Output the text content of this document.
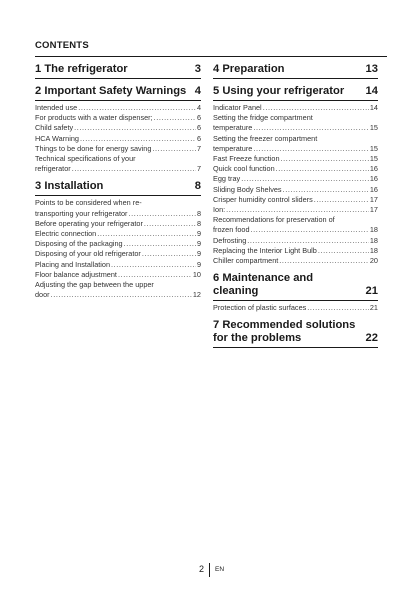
CONTENTS
1 The refrigerator	3
2 Important Safety Warnings 4
Intended use .....	4
For products with a water dispenser; .....	6
Child safety .....	6
HCA Warning .....	6
Things to be done for energy saving .....	7
Technical specifications of your
refrigerator .....	7
3 Installation	8
Points to be considered when re-
transporting your refrigerator .....	8
Before operating your refrigerator .....	8
Electric connection .....	9
Disposing of the packaging .....	9
Disposing of your old refrigerator .....	9
Placing and Installation .....	9
Floor balance adjustment .....	10
Adjusting the gap between the upper
door .....	12
4 Preparation	13
5 Using your refrigerator 14
Indicator Panel .....	14
Setting the fridge compartment
temperature .....	15
Setting the freezer compartment
temperature .....	15
Fast Freeze function .....	15
Quick cool function .....	16
Egg tray .....	16
Sliding Body Shelves .....	16
Crisper humidity control sliders .....	17
Ion: .....	17
Recommendations for preservation of
frozen food .....	18
Defrosting .....	18
Replacing the Interior Light Bulb .....	18
Chiller compartment .....	20
6 Maintenance and cleaning	21
Protection of plastic surfaces .....	21
7 Recommended solutions for the problems	22
2 EN
